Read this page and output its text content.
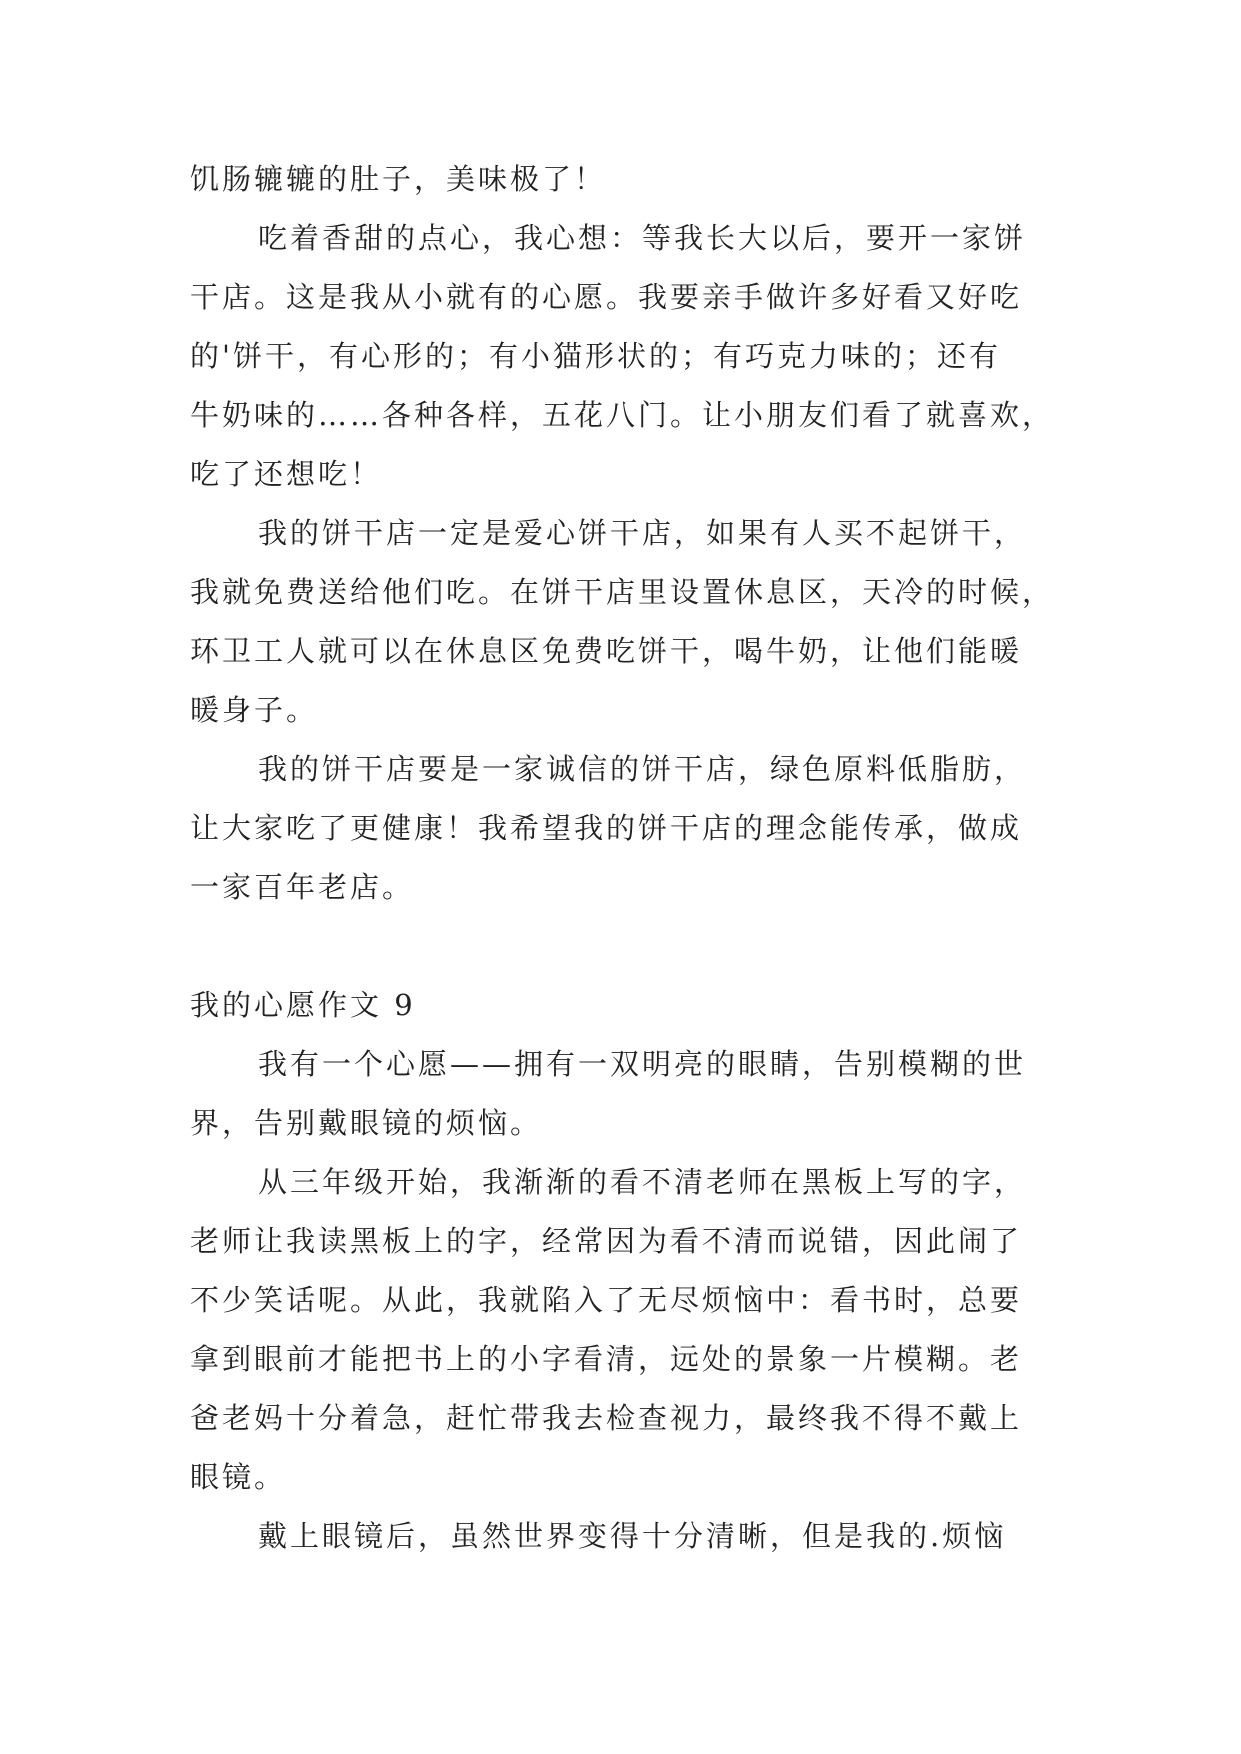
饥肠辘辘的肚子，美味极了！
吃着香甜的点心，我心想：等我长大以后，要开一家饼
干店。这是我从小就有的心愿。我要亲手做许多好看又好吃
的'饼干，有心形的；有小猫形状的；有巧克力味的；还有
牛奶味的……各种各样，五花八门。让小朋友们看了就喜欢，
吃了还想吃！
我的饼干店一定是爱心饼干店，如果有人买不起饼干，
我就免费送给他们吃。在饼干店里设置休息区，天冷的时候，
环卫工人就可以在休息区免费吃饼干，喝牛奶，让他们能暖
暖身子。
我的饼干店要是一家诚信的饼干店，绿色原料低脂肪，
让大家吃了更健康！我希望我的饼干店的理念能传承，做成
一家百年老店。
我的心愿作文 9
我有一个心愿——拥有一双明亮的眼睛，告别模糊的世
界，告别戴眼镜的烦恼。
从三年级开始，我渐渐的看不清老师在黑板上写的字，
老师让我读黑板上的字，经常因为看不清而说错，因此闹了
不少笑话呢。从此，我就陷入了无尽烦恼中：看书时，总要
拿到眼前才能把书上的小字看清，远处的景象一片模糊。老
爸老妈十分着急，赶忙带我去检查视力，最终我不得不戴上
眼镜。
戴上眼镜后，虽然世界变得十分清晰，但是我的.烦恼
